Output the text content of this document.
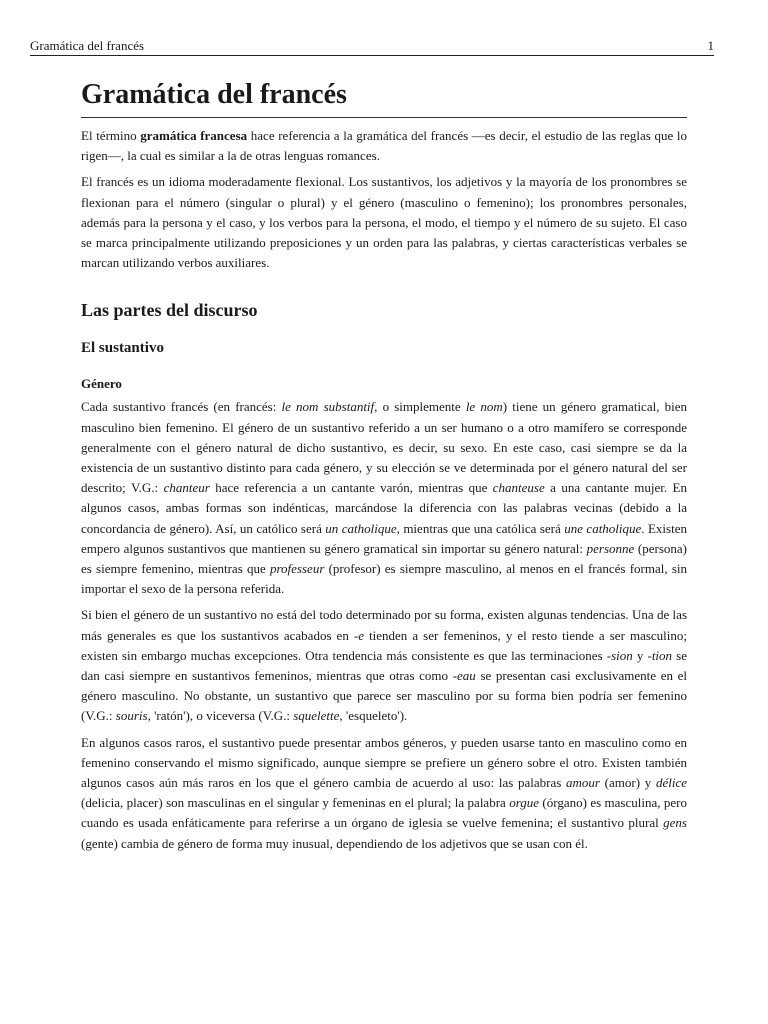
Gramática del francés	1
Gramática del francés

El término gramática francesa hace referencia a la gramática del francés —es decir, el estudio de las reglas que lo rigen—, la cual es similar a la de otras lenguas romances.

El francés es un idioma moderadamente flexional. Los sustantivos, los adjetivos y la mayoría de los pronombres se flexionan para el número (singular o plural) y el género (masculino o femenino); los pronombres personales, además para la persona y el caso, y los verbos para la persona, el modo, el tiempo y el número de su sujeto. El caso se marca principalmente utilizando preposiciones y un orden para las palabras, y ciertas características verbales se marcan utilizando verbos auxiliares.

Las partes del discurso
El sustantivo
Género

Cada sustantivo francés (en francés: le nom substantif, o simplemente le nom) tiene un género gramatical, bien masculino bien femenino. El género de un sustantivo referido a un ser humano o a otro mamífero se corresponde generalmente con el género natural de dicho sustantivo, es decir, su sexo. En este caso, casi siempre se da la existencia de un sustantivo distinto para cada género, y su elección se ve determinada por el género natural del ser descrito; V.G.: chanteur hace referencia a un cantante varón, mientras que chanteuse a una cantante mujer. En algunos casos, ambas formas son indénticas, marcándose la diferencia con las palabras vecinas (debido a la concordancia de género). Así, un católico será un catholique, mientras que una católica será une catholique. Existen empero algunos sustantivos que mantienen su género gramatical sin importar su género natural: personne (persona) es siempre femenino, mientras que professeur (profesor) es siempre masculino, al menos en el francés formal, sin importar el sexo de la persona referida.

Si bien el género de un sustantivo no está del todo determinado por su forma, existen algunas tendencias. Una de las más generales es que los sustantivos acabados en -e tienden a ser femeninos, y el resto tiende a ser masculino; existen sin embargo muchas excepciones. Otra tendencia más consistente es que las terminaciones -sion y -tion se dan casi siempre en sustantivos femeninos, mientras que otras como -eau se presentan casi exclusivamente en el género masculino. No obstante, un sustantivo que parece ser masculino por su forma bien podría ser femenino (V.G.: souris, 'ratón'), o viceversa (V.G.: squelette, 'esqueleto').

En algunos casos raros, el sustantivo puede presentar ambos géneros, y pueden usarse tanto en masculino como en femenino conservando el mismo significado, aunque siempre se prefiere un género sobre el otro. Existen también algunos casos aún más raros en los que el género cambia de acuerdo al uso: las palabras amour (amor) y délice (delicia, placer) son masculinas en el singular y femeninas en el plural; la palabra orgue (órgano) es masculina, pero cuando es usada enfáticamente para referirse a un órgano de iglesia se vuelve femenina; el sustantivo plural gens (gente) cambia de género de forma muy inusual, dependiendo de los adjetivos que se usan con él.
